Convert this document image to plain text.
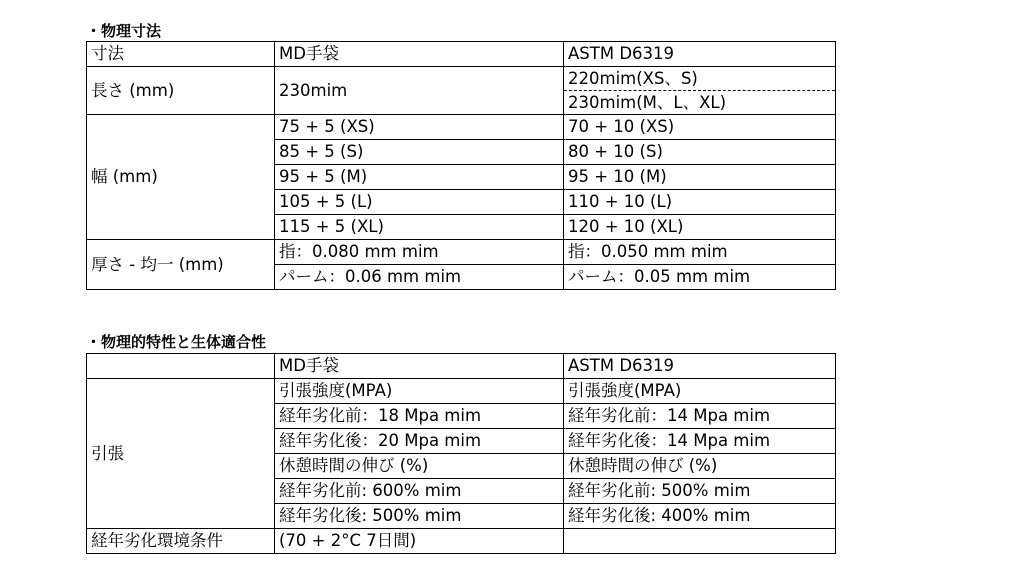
・物理寸法
寸法	MD手袋	ASTM D6319
長さ (mm)	230mim	220mim(XS、S)
		230mim(M、L、XL)
幅 (mm)	75 + 5 (XS)	70 + 10 (XS)
	85 + 5 (S)	80 + 10 (S)
	95 + 5 (M)	95 + 10 (M)
	105 + 5 (L)	110 + 10 (L)
	115 + 5 (XL)	120 + 10 (XL)
厚さ - 均一 (mm)	指：0.080 mm mim	指：0.050 mm mim
	パーム：0.06 mm mim	パーム：0.05 mm mim
・物理的特性と生体適合性
	MD手袋	ASTM D6319
引張	引張強度(MPA)	引張強度(MPA)
	経年劣化前：18 Mpa mim	経年劣化前：14 Mpa mim
	経年劣化後：20 Mpa mim	経年劣化後：14 Mpa mim
	休憩時間の伸び (%)	休憩時間の伸び (%)
	経年劣化前: 600% mim	経年劣化前: 500% mim
	経年劣化後: 500% mim	経年劣化後: 400% mim
経年劣化環境条件	(70 + 2°C 7日間)	
